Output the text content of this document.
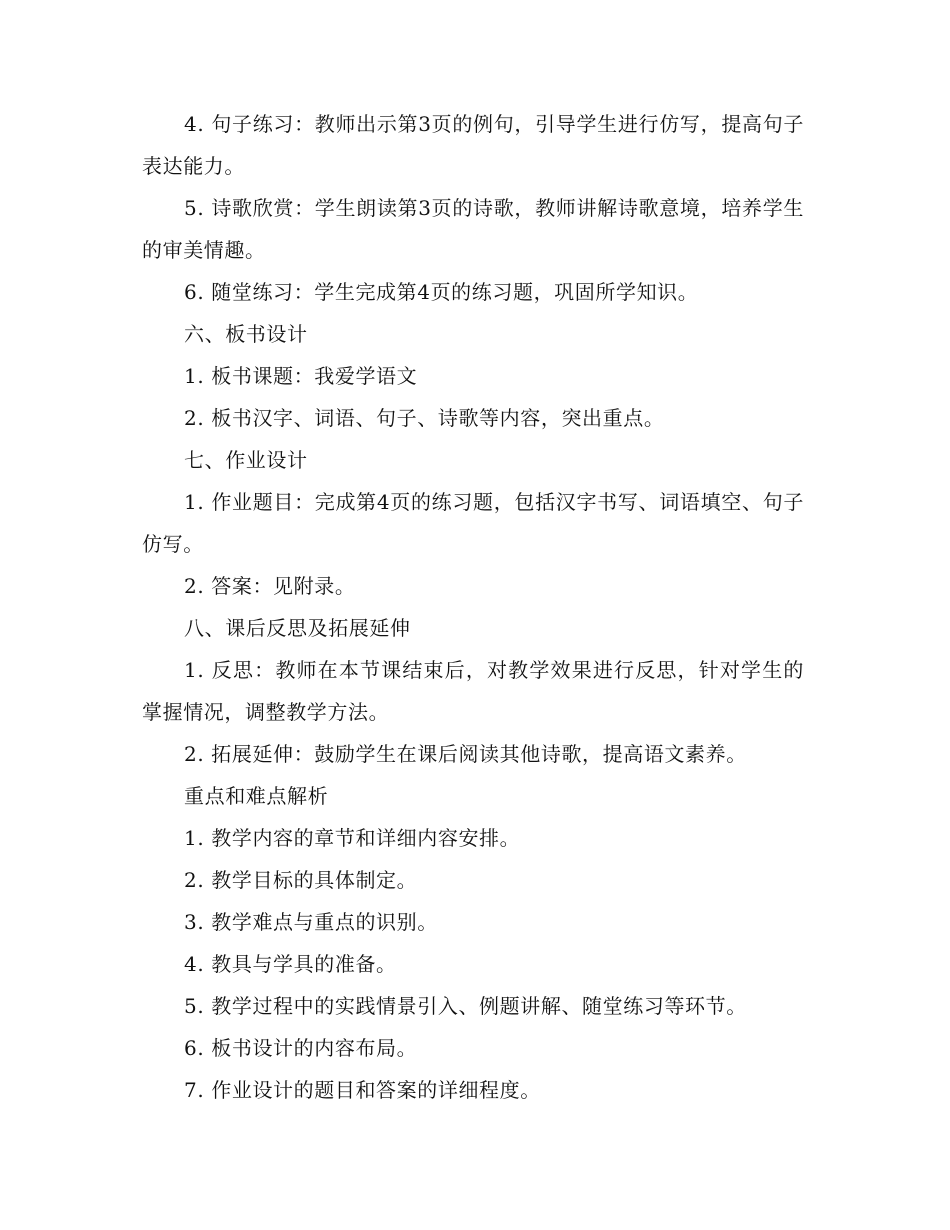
4. 句子练习：教师出示第3页的例句，引导学生进行仿写，提高句子表达能力。

5. 诗歌欣赏：学生朗读第3页的诗歌，教师讲解诗歌意境，培养学生的审美情趣。

6. 随堂练习：学生完成第4页的练习题，巩固所学知识。

六、板书设计

1. 板书课题：我爱学语文

2. 板书汉字、词语、句子、诗歌等内容，突出重点。

七、作业设计

1. 作业题目：完成第4页的练习题，包括汉字书写、词语填空、句子仿写。

2. 答案：见附录。

八、课后反思及拓展延伸

1. 反思：教师在本节课结束后，对教学效果进行反思，针对学生的掌握情况，调整教学方法。

2. 拓展延伸：鼓励学生在课后阅读其他诗歌，提高语文素养。

重点和难点解析

1. 教学内容的章节和详细内容安排。

2. 教学目标的具体制定。

3. 教学难点与重点的识别。

4. 教具与学具的准备。

5. 教学过程中的实践情景引入、例题讲解、随堂练习等环节。

6. 板书设计的内容布局。

7. 作业设计的题目和答案的详细程度。
